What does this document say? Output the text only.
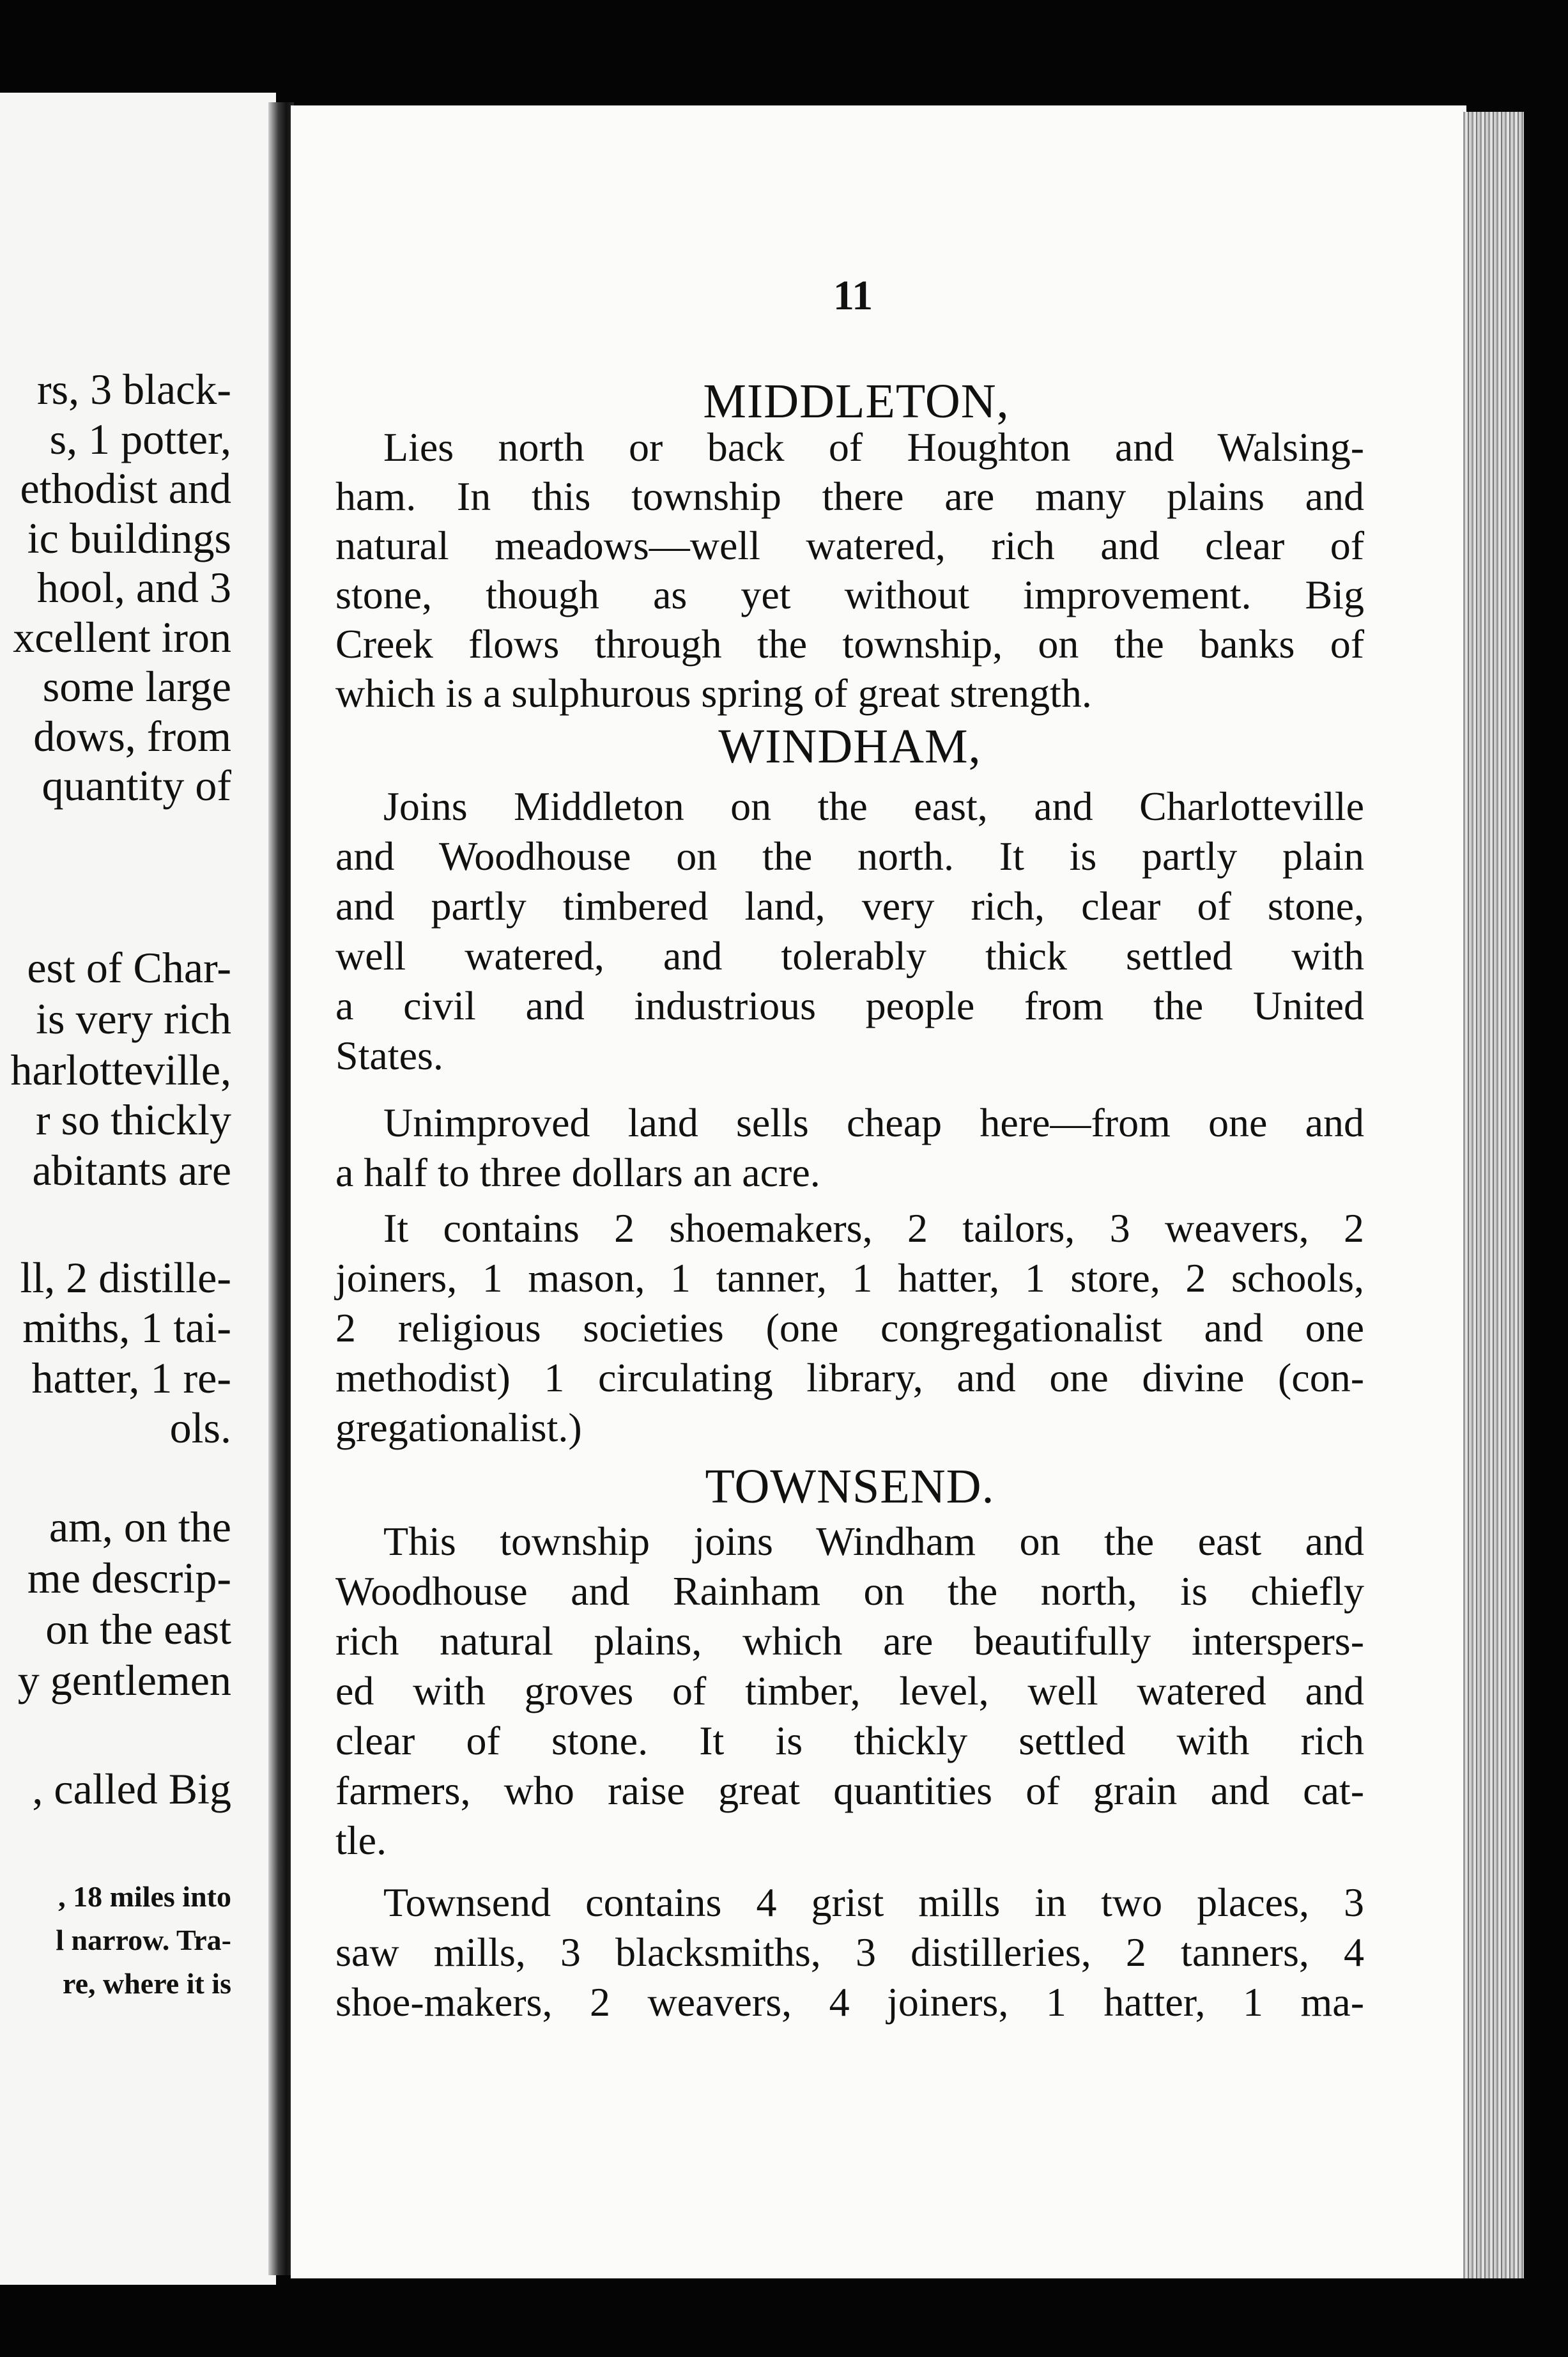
rs, 3 black-
s, 1 potter,
ethodist and
ic buildings
hool, and 3
xcellent iron
some large
dows, from
quantity of
est of Char-
is very rich
harlotteville,
r so thickly
abitants are
ll, 2 distille-
miths, 1 tai-
hatter, 1 re-
ols.
am, on the
me descrip-
on the east
y gentlemen
, called Big
, 18 miles into
l narrow. Tra-
re, where it is
11
MIDDLETON,
Lies north or back of Houghton and Walsing-
ham. In this township there are many plains and
natural meadows—well watered, rich and clear of
stone, though as yet without improvement. Big
Creek flows through the township, on the banks of
which is a sulphurous spring of great strength.
WINDHAM,
Joins Middleton on the east, and Charlotteville
and Woodhouse on the north. It is partly plain
and partly timbered land, very rich, clear of stone,
well watered, and tolerably thick settled with
a civil and industrious people from the United
States.
Unimproved land sells cheap here—from one and
a half to three dollars an acre.
It contains 2 shoemakers, 2 tailors, 3 weavers, 2
joiners, 1 mason, 1 tanner, 1 hatter, 1 store, 2 schools,
2 religious societies (one congregationalist and one
methodist) 1 circulating library, and one divine (con-
gregationalist.)
TOWNSEND.
This township joins Windham on the east and
Woodhouse and Rainham on the north, is chiefly
rich natural plains, which are beautifully interspers-
ed with groves of timber, level, well watered and
clear of stone. It is thickly settled with rich
farmers, who raise great quantities of grain and cat-
tle.
Townsend contains 4 grist mills in two places, 3
saw mills, 3 blacksmiths, 3 distilleries, 2 tanners, 4
shoe-makers, 2 weavers, 4 joiners, 1 hatter, 1 ma-
